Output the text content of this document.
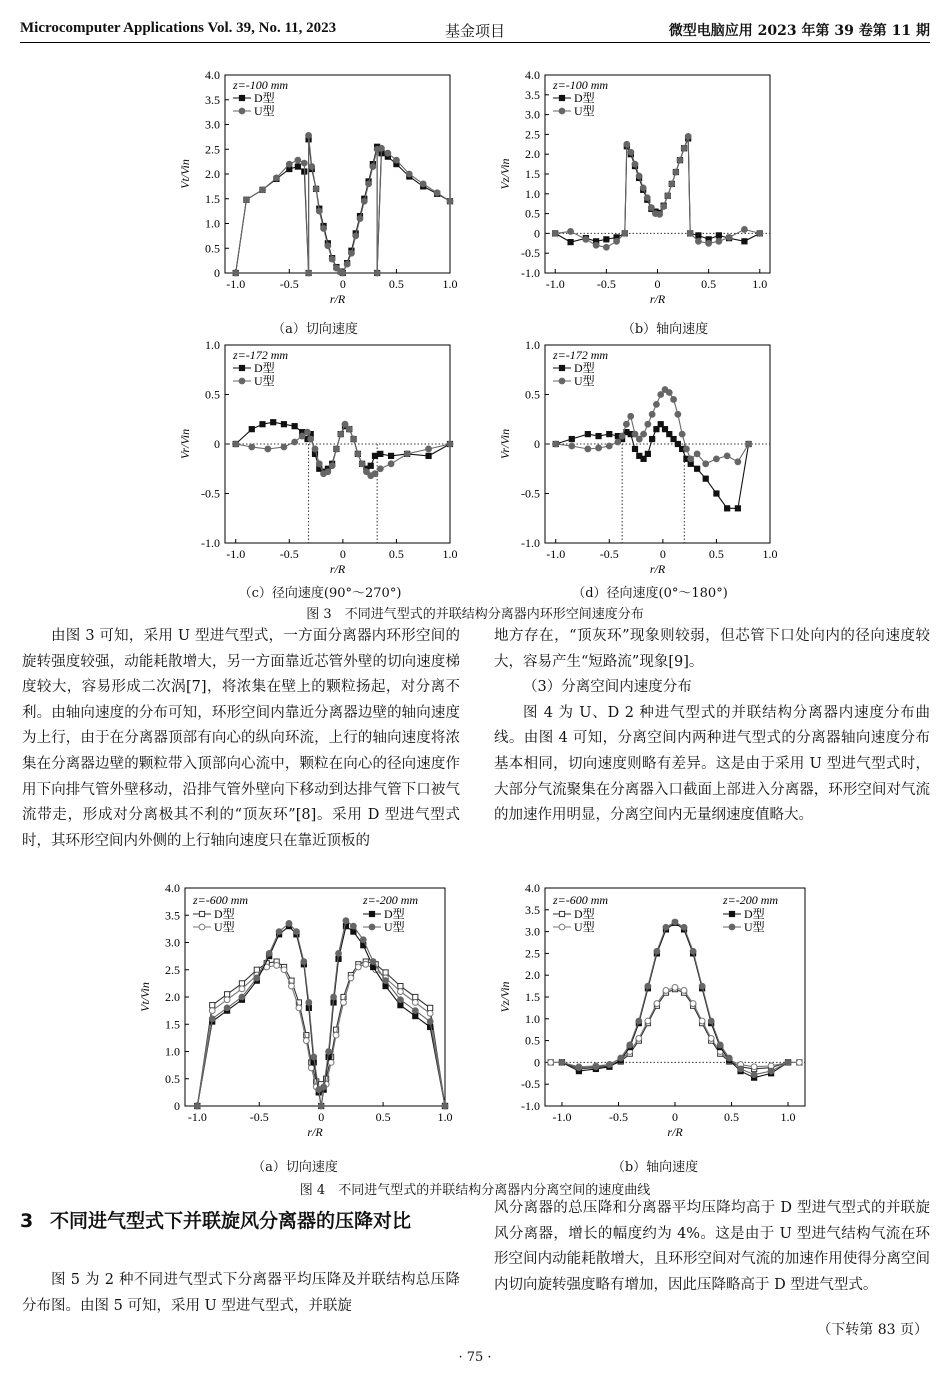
Microcomputer Applications Vol. 39, No. 11, 2023	基金项目	微型电脑应用 2023 年第 39 卷第 11 期
0
0.5
1.0
1.5
2.0
2.5
3.0
3.5
4.0
-1.0	-0.5	0	0.5	1.0
r/R
Vt/Vin
z=-100 mm
D型
U型
-1.0
-0.5
0
0.5
1.0
1.5
2.0
2.5
3.0
3.5
4.0
-1.0	-0.5	0	0.5	1.0
r/R
Vz/Vin
z=-100 mm
D型
U型
（a）切向速度	（b）轴向速度
-1.0
-0.5
0
0.5
1.0
-1.0	-0.5	0	0.5	1.0
r/R
Vr/Vin
z=-172 mm
D型
U型
-1.0
-0.5
0
0.5
1.0
-1.0	-0.5	0	0.5	1.0
r/R
Vr/Vin
z=-172 mm
D型
U型
（c）径向速度(90°～270°)	（d）径向速度(0°～180°)
图 3　不同进气型式的并联结构分离器内环形空间速度分布

由图 3 可知，采用 U 型进气型式，一方面分离器内环形空间的旋转强度较强，动能耗散增大，另一方面靠近芯管外壁的切向速度梯度较大，容易形成二次涡[7]，将浓集在壁上的颗粒扬起，对分离不利。由轴向速度的分布可知，环形空间内靠近分离器边壁的轴向速度为上行，由于在分离器顶部有向心的纵向环流，上行的轴向速度将浓集在分离器边壁的颗粒带入顶部向心流中，颗粒在向心的径向速度作用下向排气管外壁移动，沿排气管外壁向下移动到达排气管下口被气流带走，形成对分离极其不利的“顶灰环”[8]。采用 D 型进气型式时，其环形空间内外侧的上行轴向速度只在靠近顶板的

地方存在，“顶灰环”现象则较弱，但芯管下口处向内的径向速度较大，容易产生“短路流”现象[9]。

（3）分离空间内速度分布

图 4 为 U、D 2 种进气型式的并联结构分离器内速度分布曲线。由图 4 可知，分离空间内两种进气型式的分离器轴向速度分布基本相同，切向速度则略有差异。这是由于采用 U 型进气型式时，大部分气流聚集在分离器入口截面上部进入分离器，环形空间对气流的加速作用明显，分离空间内无量纲速度值略大。

0
0.5
1.0
1.5
2.0
2.5
3.0
3.5
4.0
-1.0	-0.5	0	0.5	1.0
r/R
Vt/Vin
z=-600 mm	z=-200 mm
D型
U型
D型
U型
-1.0
-0.5
0
0.5
1.0
1.5
2.0
2.5
3.0
3.5
4.0
-1.0	-0.5	0	0.5	1.0
r/R
Vz/Vin
z=-600 mm	z=-200 mm
D型
U型
D型
U型
（a）切向速度	（b）轴向速度
图 4　不同进气型式的并联结构分离器内分离空间的速度曲线
3 不同进气型式下并联旋风分离器的压降对比

图 5 为 2 种不同进气型式下分离器平均压降及并联结构总压降分布图。由图 5 可知，采用 U 型进气型式，并联旋

风分离器的总压降和分离器平均压降均高于 D 型进气型式的并联旋风分离器，增长的幅度约为 4%。这是由于 U 型进气结构气流在环形空间内动能耗散增大，且环形空间对气流的加速作用使得分离空间内切向旋转强度略有增加，因此压降略高于 D 型进气型式。

（下转第 83 页）
· 75 ·
